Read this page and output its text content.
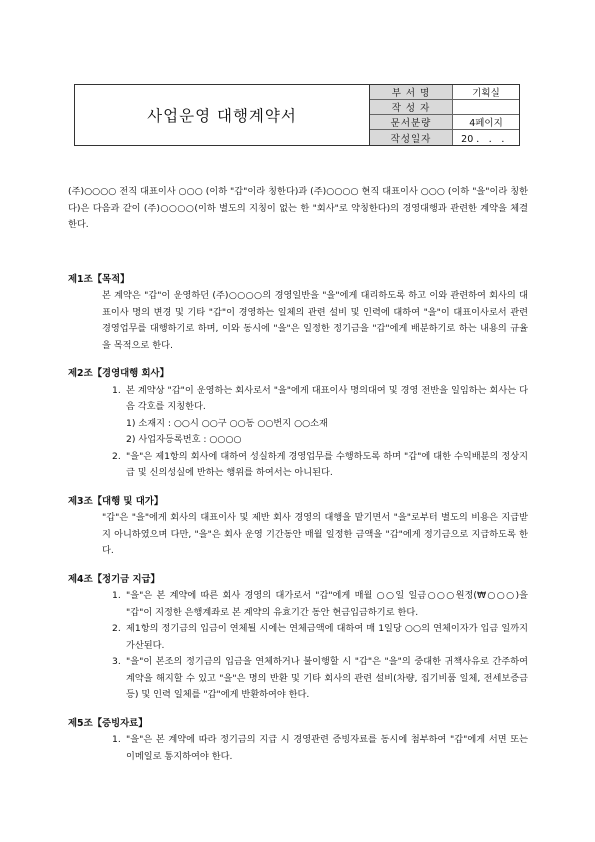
사업운영 대행계약서
부 서 명	기획실
작 성 자
문서분량	4페이지
작성일자	20 ． ． ．

(주)○○○○ 전직 대표이사 ○○○ (이하 "갑"이라 칭한다)과 (주)○○○○ 현직 대표이사 ○○○ (이하 "을"이라 칭한다)은 다음과 같이 (주)○○○○(이하 별도의 지칭이 없는 한 "회사"로 약칭한다)의 경영대행과 관련한 계약을 체결한다.

제1조【목적】

본 계약은 "갑"이 운영하던 (주)○○○○의 경영일반을 "을"에게 대리하도록 하고 이와 관련하여 회사의 대표이사 명의 변경 및 기타 "갑"이 경영하는 일체의 관련 설비 및 인력에 대하여 "을"이 대표이사로서 관련 경영업무를 대행하기로 하며, 이와 동시에 "을"은 일정한 정기금을 "갑"에게 배분하기로 하는 내용의 규율을 목적으로 한다.

제2조【경영대행 회사】

1. 본 계약상 "갑"이 운영하는 회사로서 "을"에게 대표이사 명의대여 및 경영 전반을 일임하는 회사는 다음 각호를 지칭한다.
1) 소재지 : ○○시 ○○구 ○○동 ○○번지 ○○소재
2) 사업자등록번호 : ○○○○
2. "을"은 제1항의 회사에 대하여 성실하게 경영업무를 수행하도록 하며 "갑"에 대한 수익배분의 정상지급 및 신의성실에 반하는 행위를 하여서는 아니된다.

제3조【대행 및 대가】

"갑"은 "을"에게 회사의 대표이사 및 제반 회사 경영의 대행을 맡기면서 "을"로부터 별도의 비용은 지급받지 아니하였으며 다만, "을"은 회사 운영 기간동안 매월 일정한 금액을 "갑"에게 정기금으로 지급하도록 한다.

제4조【정기금 지급】

1. "을"은 본 계약에 따른 회사 경영의 대가로서 "갑"에게 매월 ○○일 일금○○○원정(₩○○○)을 "갑"이 지정한 은행계좌로 본 계약의 유효기간 동안 현금입금하기로 한다.
2. 제1항의 정기금의 입금이 연체될 시에는 연체금액에 대하여 매 1일당 ○○의 연체이자가 입금 일까지 가산된다.
3. "을"이 본조의 정기금의 입금을 연체하거나 불이행할 시 "갑"은 "을"의 중대한 귀책사유로 간주하여 계약을 해지할 수 있고 "을"은 명의 반환 및 기타 회사의 관련 설비(차량, 집기비품 일체, 전세보증금 등) 및 인력 일체를 "갑"에게 반환하여야 한다.

제5조【증빙자료】

1. "을"은 본 계약에 따라 정기금의 지급 시 경영관련 증빙자료를 동시에 첨부하여 "갑"에게 서면 또는 이메일로 통지하여야 한다.
